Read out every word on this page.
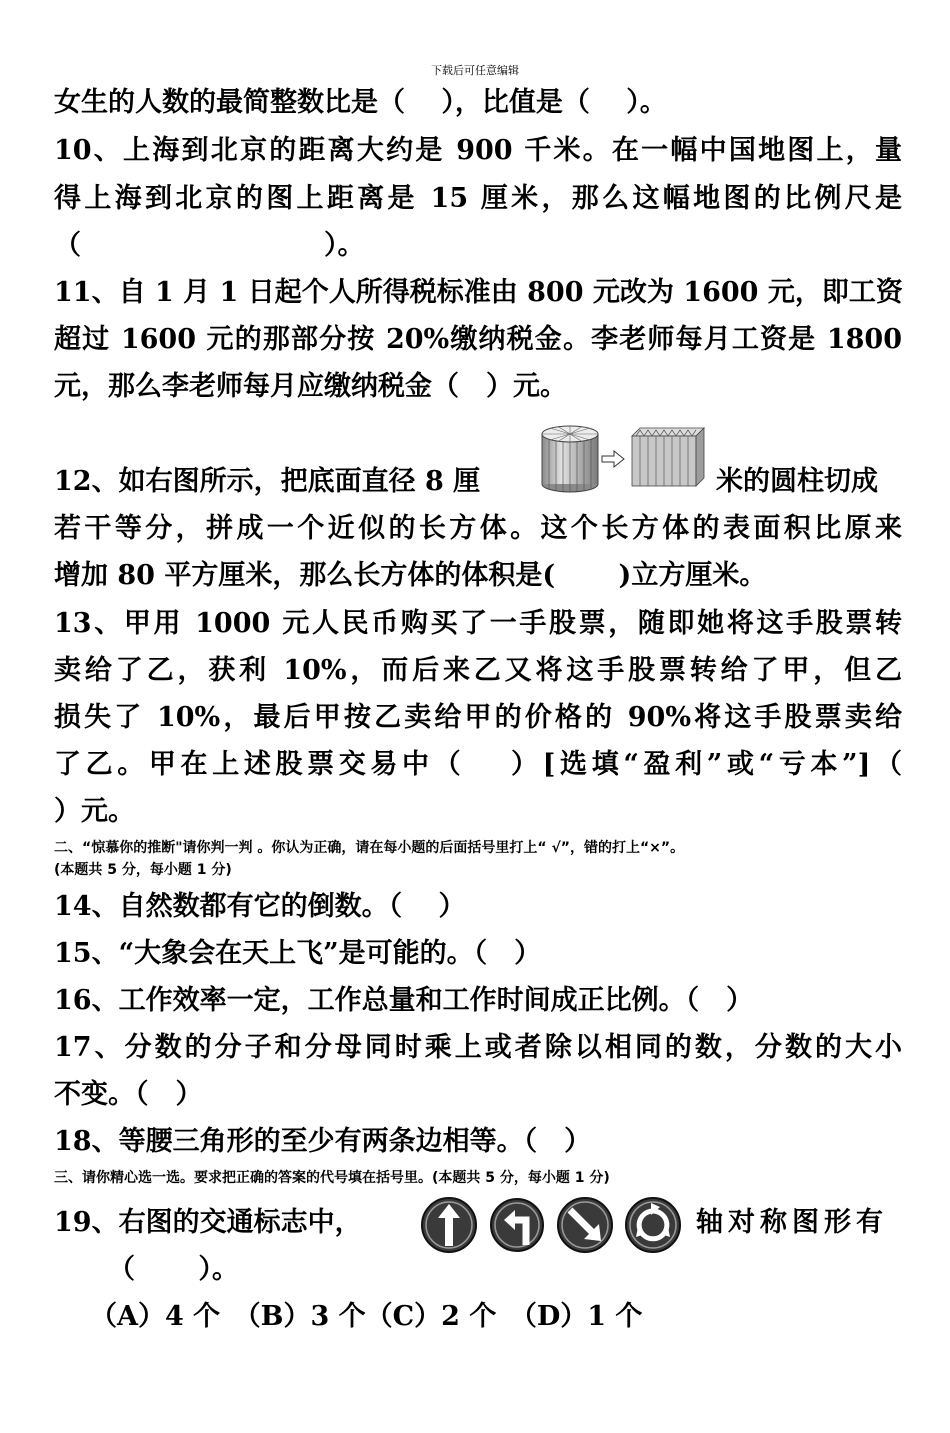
下载后可任意编辑
女生的人数的最简整数比是（　 ），比值是（　 ）。
10、上海到北京的距离大约是 900 千米。在一幅中国地图上，量
得上海到北京的图上距离是 15 厘米，那么这幅地图的比例尺是
（　　　　　　　　　）。
11、自 1 月 1 日起个人所得税标准由 800 元改为 1600 元，即工资
超过 1600 元的那部分按 20%缴纳税金。李老师每月工资是 1800
元，那么李老师每月应缴纳税金（　）元。
12、如右图所示，把底面直径 8 厘	米的圆柱切成
若干等分，拼成一个近似的长方体。这个长方体的表面积比原来
增加 80 平方厘米，那么长方体的体积是(　　 )立方厘米。
13、甲用 1000 元人民币购买了一手股票，随即她将这手股票转
卖给了乙，获利 10%，而后来乙又将这手股票转给了甲，但乙
损失了 10%，最后甲按乙卖给甲的价格的 90%将这手股票卖给
了乙。甲在上述股票交易中（　 ）[选填“盈利”或“亏本”]（
）元。
二、“惊慕你的推断"请你判一判 。你认为正确，请在每小题的后面括号里打上“ √”，错的打上“×”。
(本题共 5 分，每小题 1 分)
14、自然数都有它的倒数。（　 ）
15、“大象会在天上飞”是可能的。（　）
16、工作效率一定，工作总量和工作时间成正比例。（　）
17、分数的分子和分母同时乘上或者除以相同的数，分数的大小
不变。（　）
18、等腰三角形的至少有两条边相等。（　）
三、请你精心选一选。要求把正确的答案的代号填在括号里。(本题共 5 分，每小题 1 分)
19、右图的交通标志中，	轴对称图形有
（　　 ）。
（A）4 个　（B）3 个（C）2 个　（D）1 个
